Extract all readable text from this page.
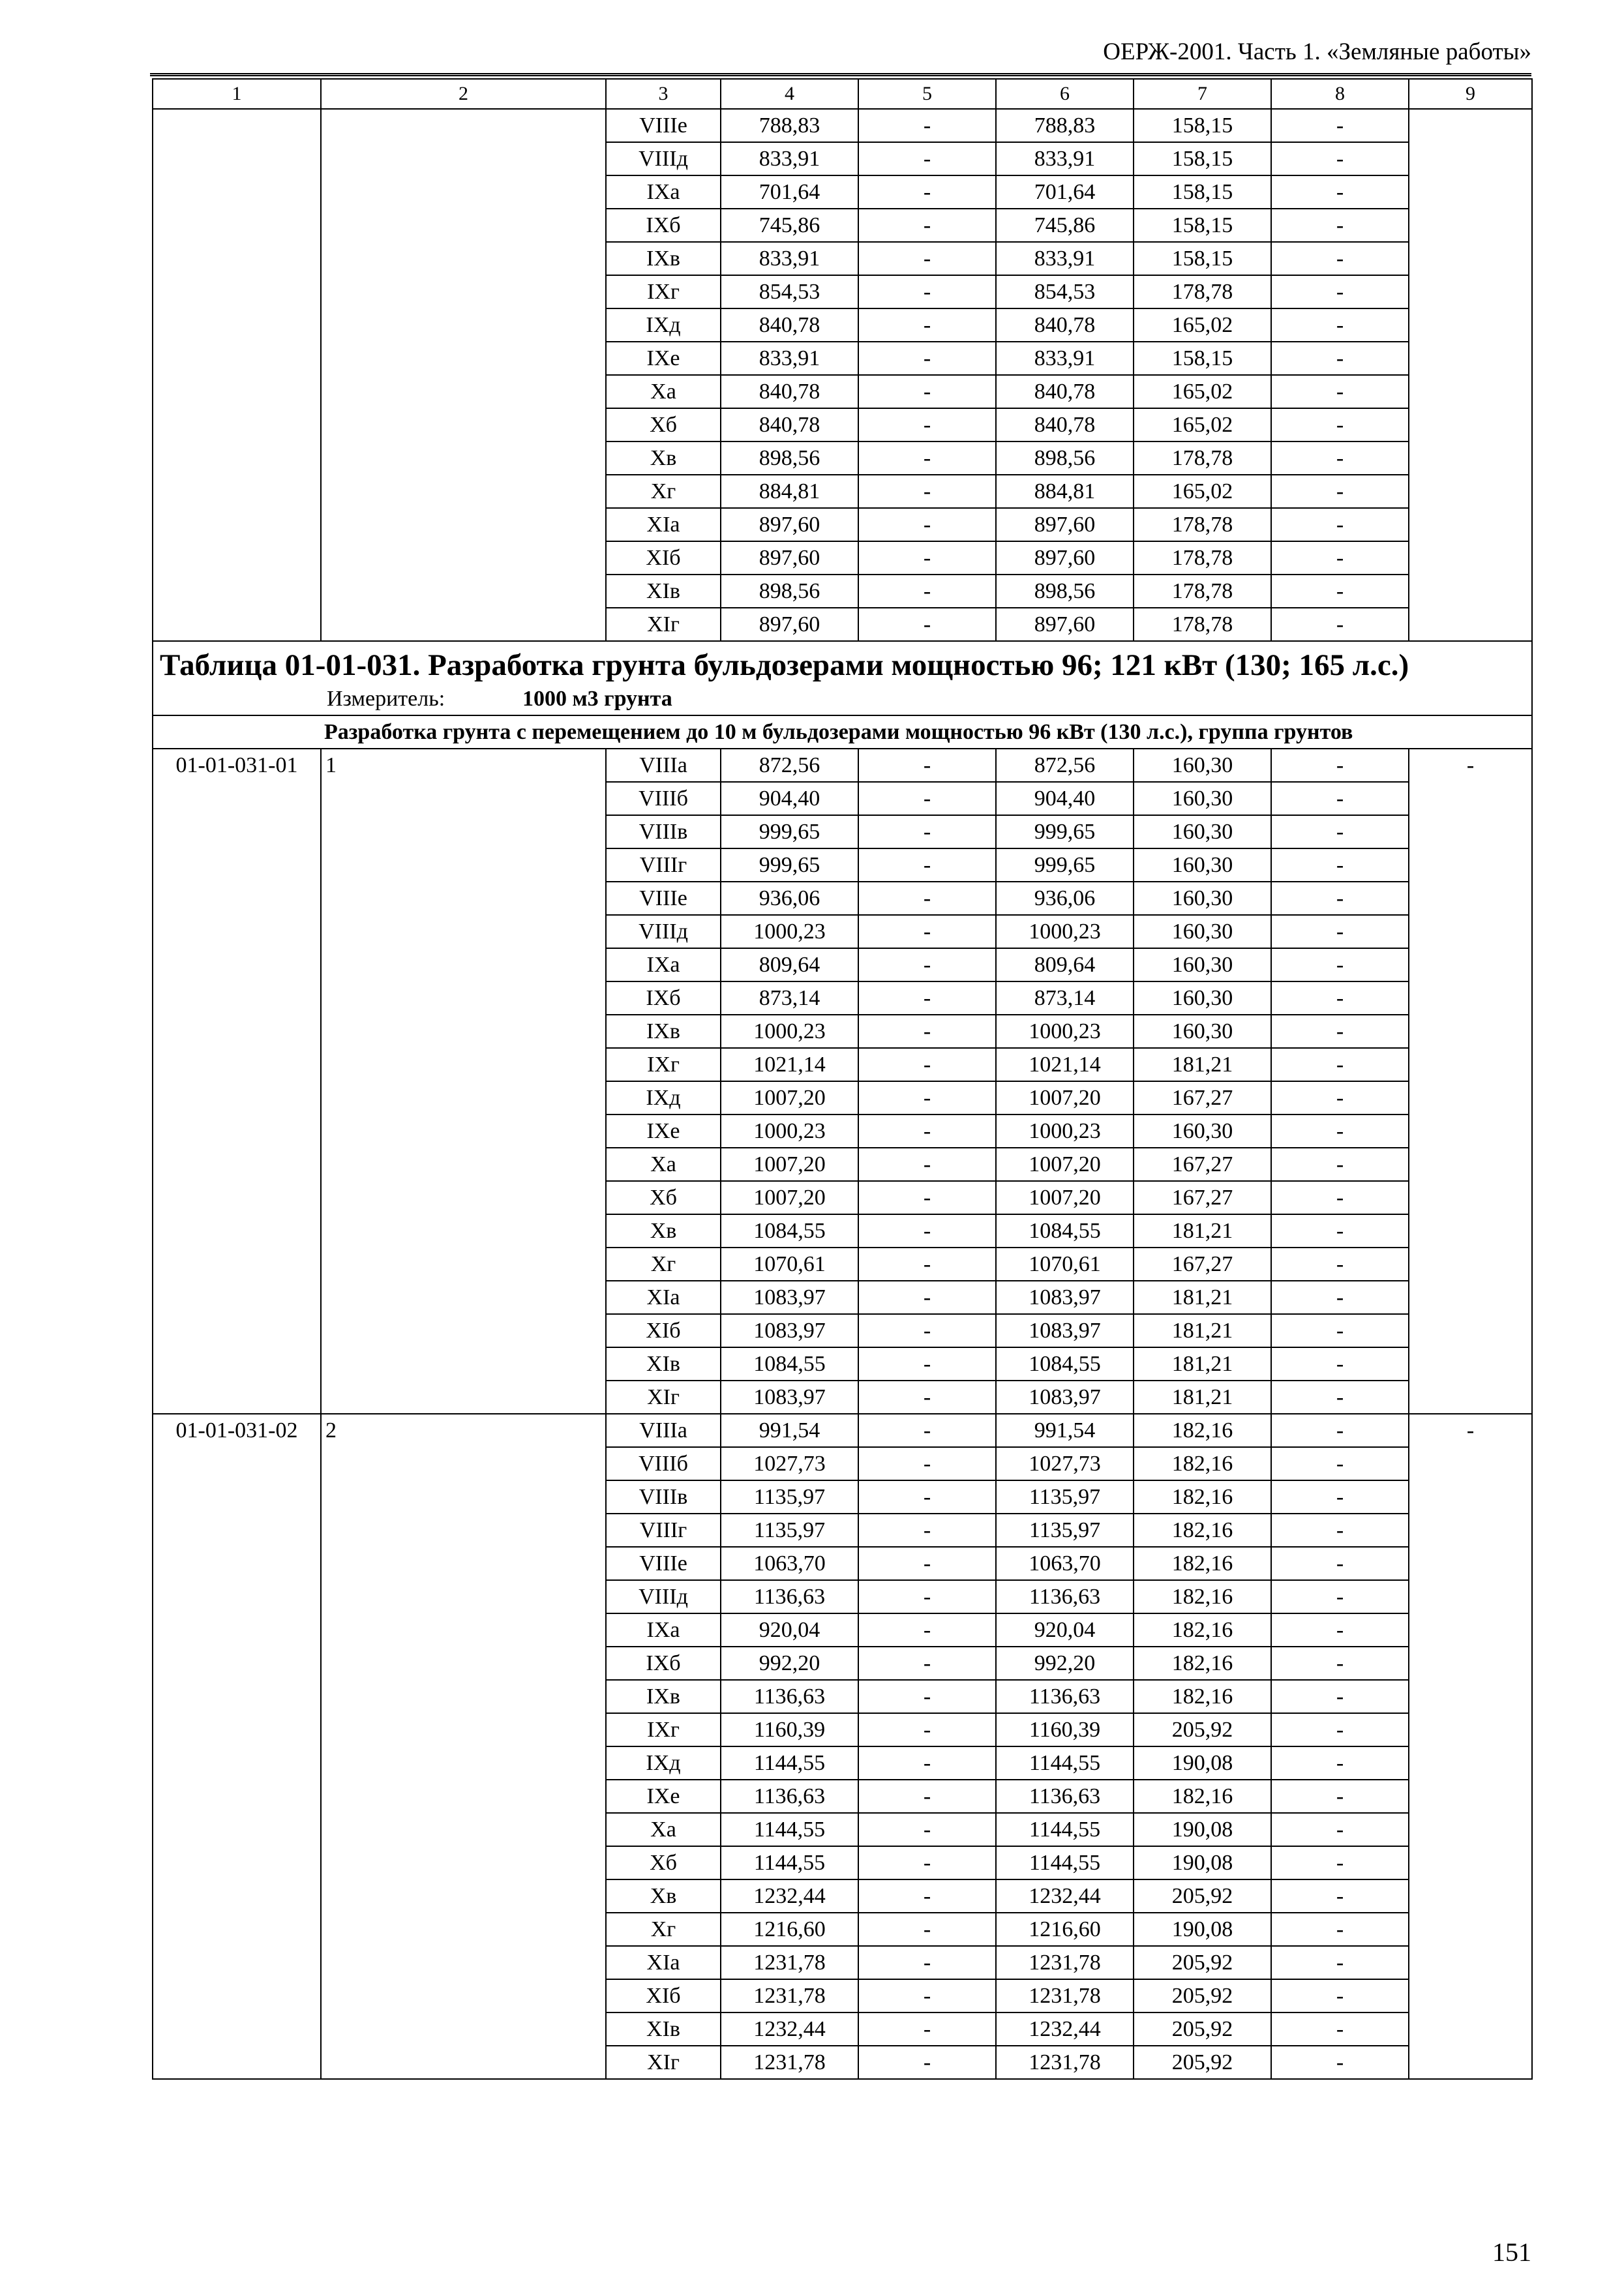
ОЕРЖ-2001. Часть 1. «Земляные работы»
1	2	3	4	5	6	7	8	9
		VIIIе	788,83	-	788,83	158,15	-	
		VIIIд	833,91	-	833,91	158,15	-	
		IXа	701,64	-	701,64	158,15	-	
		IXб	745,86	-	745,86	158,15	-	
		IXв	833,91	-	833,91	158,15	-	
		IXг	854,53	-	854,53	178,78	-	
		IXд	840,78	-	840,78	165,02	-	
		IXе	833,91	-	833,91	158,15	-	
		Xа	840,78	-	840,78	165,02	-	
		Xб	840,78	-	840,78	165,02	-	
		Xв	898,56	-	898,56	178,78	-	
		Xг	884,81	-	884,81	165,02	-	
		XIа	897,60	-	897,60	178,78	-	
		XIб	897,60	-	897,60	178,78	-	
		XIв	898,56	-	898,56	178,78	-	
		XIг	897,60	-	897,60	178,78	-	

Таблица 01-01-031. Разработка грунта бульдозерами мощностью 96; 121 кВт (130; 165 л.с.)
Измеритель: 1000 м3 грунта								

Разработка грунта с перемещением до 10 м бульдозерами мощностью 96 кВт (130 л.с.), группа грунтов								
01-01-031-01	1	VIIIа	872,56	-	872,56	160,30	-	-
		VIIIб	904,40	-	904,40	160,30	-	
		VIIIв	999,65	-	999,65	160,30	-	
		VIIIг	999,65	-	999,65	160,30	-	
		VIIIе	936,06	-	936,06	160,30	-	
		VIIIд	1000,23	-	1000,23	160,30	-	
		IXа	809,64	-	809,64	160,30	-	
		IXб	873,14	-	873,14	160,30	-	
		IXв	1000,23	-	1000,23	160,30	-	
		IXг	1021,14	-	1021,14	181,21	-	
		IXд	1007,20	-	1007,20	167,27	-	
		IXе	1000,23	-	1000,23	160,30	-	
		Xа	1007,20	-	1007,20	167,27	-	
		Xб	1007,20	-	1007,20	167,27	-	
		Xв	1084,55	-	1084,55	181,21	-	
		Xг	1070,61	-	1070,61	167,27	-	
		XIа	1083,97	-	1083,97	181,21	-	
		XIб	1083,97	-	1083,97	181,21	-	
		XIв	1084,55	-	1084,55	181,21	-	
		XIг	1083,97	-	1083,97	181,21	-	
01-01-031-02	2	VIIIа	991,54	-	991,54	182,16	-	-
		VIIIб	1027,73	-	1027,73	182,16	-	
		VIIIв	1135,97	-	1135,97	182,16	-	
		VIIIг	1135,97	-	1135,97	182,16	-	
		VIIIе	1063,70	-	1063,70	182,16	-	
		VIIIд	1136,63	-	1136,63	182,16	-	
		IXа	920,04	-	920,04	182,16	-	
		IXб	992,20	-	992,20	182,16	-	
		IXв	1136,63	-	1136,63	182,16	-	
		IXг	1160,39	-	1160,39	205,92	-	
		IXд	1144,55	-	1144,55	190,08	-	
		IXе	1136,63	-	1136,63	182,16	-	
		Xа	1144,55	-	1144,55	190,08	-	
		Xб	1144,55	-	1144,55	190,08	-	
		Xв	1232,44	-	1232,44	205,92	-	
		Xг	1216,60	-	1216,60	190,08	-	
		XIа	1231,78	-	1231,78	205,92	-	
		XIб	1231,78	-	1231,78	205,92	-	
		XIв	1232,44	-	1232,44	205,92	-	
		XIг	1231,78	-	1231,78	205,92	-	
151
